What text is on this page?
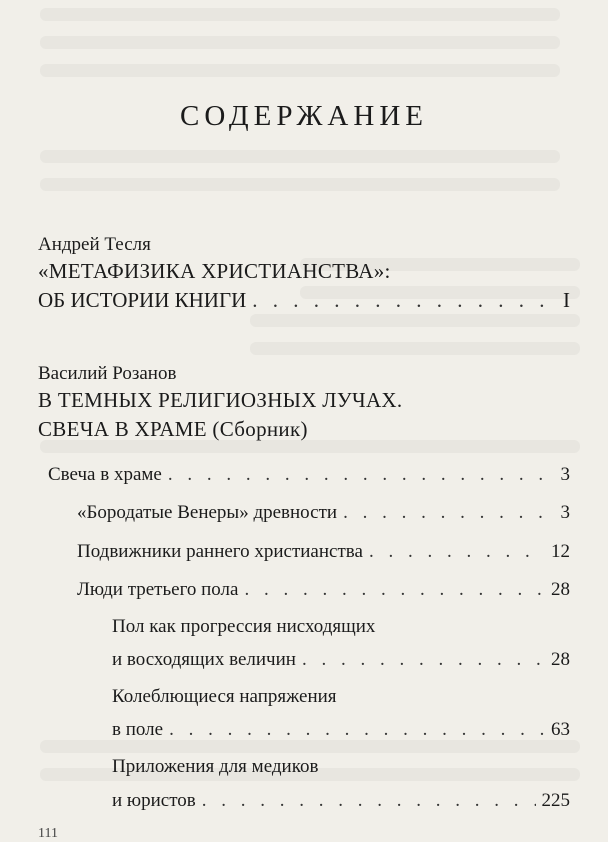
СОДЕРЖАНИЕ
Андрей Тесля
«МЕТАФИЗИКА ХРИСТИАНСТВА»:
ОБ ИСТОРИИ КНИГИ . . .	I
Василий Розанов
В ТЕМНЫХ РЕЛИГИОЗНЫХ ЛУЧАХ.
СВЕЧА В ХРАМЕ (Сборник)
Свеча в храме . . .	3
«Бородатые Венеры» древности . . .	3
Подвижники раннего христианства . . .	12
Люди третьего пола . . .	28
Пол как прогрессия нисходящих
и восходящих величин . . .	28
Колеблющиеся напряжения
в поле . . .	63
Приложения для медиков
и юристов . . .	225
111
